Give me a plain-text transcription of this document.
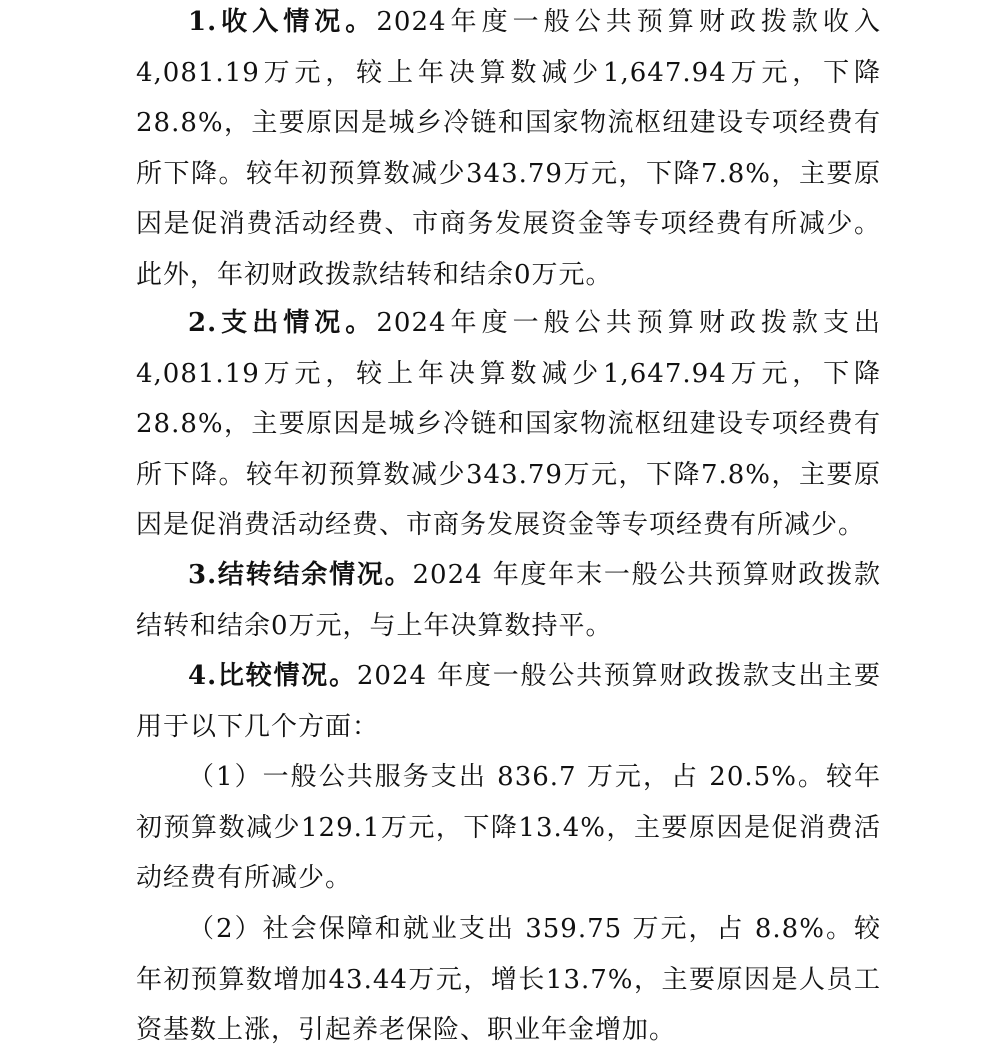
1.收入情况。2024年度一般公共预算财政拨款收入4,081.19万元，较上年决算数减少1,647.94万元，下降28.8%，主要原因是城乡冷链和国家物流枢纽建设专项经费有所下降。较年初预算数减少343.79万元，下降7.8%，主要原因是促消费活动经费、市商务发展资金等专项经费有所减少。此外，年初财政拨款结转和结余0万元。

2.支出情况。2024年度一般公共预算财政拨款支出4,081.19万元，较上年决算数减少1,647.94万元，下降28.8%，主要原因是城乡冷链和国家物流枢纽建设专项经费有所下降。较年初预算数减少343.79万元，下降7.8%，主要原因是促消费活动经费、市商务发展资金等专项经费有所减少。

3.结转结余情况。2024 年度年末一般公共预算财政拨款结转和结余0万元，与上年决算数持平。

4.比较情况。2024 年度一般公共预算财政拨款支出主要用于以下几个方面：

（1）一般公共服务支出 836.7 万元，占 20.5%。较年初预算数减少129.1万元，下降13.4%，主要原因是促消费活动经费有所减少。

（2）社会保障和就业支出 359.75 万元，占 8.8%。较年初预算数增加43.44万元，增长13.7%，主要原因是人员工资基数上涨，引起养老保险、职业年金增加。
